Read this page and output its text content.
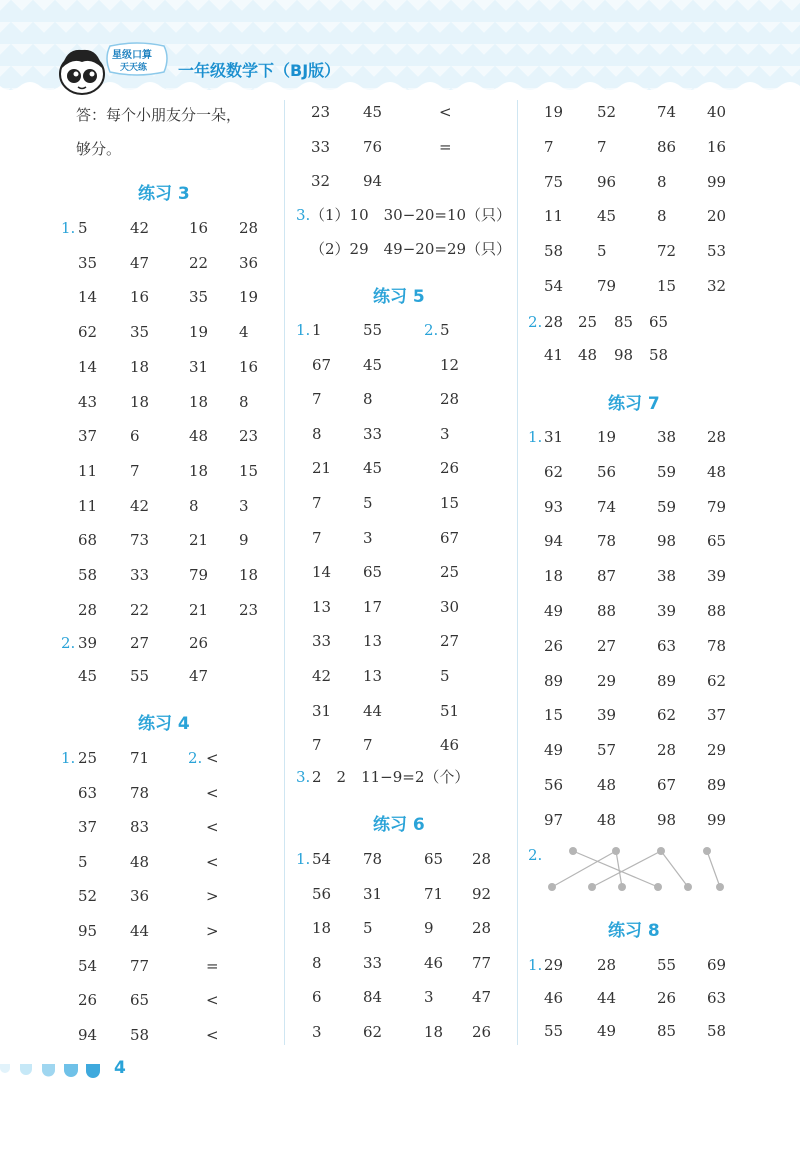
星级口算
天天练 一年级数学下（BJ版）
答：每个小朋友分一朵，
够分。
练习 3
1. 5	42	16 28
35 47	22 36
14 16	35 19
62 35	19 4
14 18	31 16
43 18	18 8
37 6	48 23
11 7	18 15
11 42	8	3
68 73	21 9
58 33	79 18
28 22	21 23
2. 39 27	26
45 55	47
练习 4
1.	2.
25 71	<
63 78	<
37 83	<
5	48	<
52 36	>
95 44	>
54 77	=
26 65	<
94 58	<
23 45	<
33 76	=
32 94
3. （1）10　30−20=10（只）
（2）29　49−20=29（只）
练习 5
1.	2.
1	55	5
67 45	12
7	8	28
8	33	3
21 45	26
7	5	15
7	3	67
14 65	25
13 17	30
33 13	27
42 13	5
31 44	51
7	7	46
3. 2　2　11−9=2（个）
练习 6
1. 54 78	65 28
56 31	71 92
18 5	9	28
8	33	46 77
6	84	3	47
3	62	18 26
19 52	74 40
7	7	86 16
75 96	8	99
11 45	8	20
58 5	72 53
54 79	15 32
2. 28 25 85 65
41 48 98 58
练习 7
1. 31 19	38 28
62 56	59 48
93 74	59 79
94 78	98 65
18 87	38 39
49 88	39 88
26 27	63 78
89 29	89 62
15 39	62 37
49 57	28 29
56 48	67 89
97 48	98 99
2.
练习 8
1. 29 28	55 69
46 44	26 63
55 49	85 58
4
